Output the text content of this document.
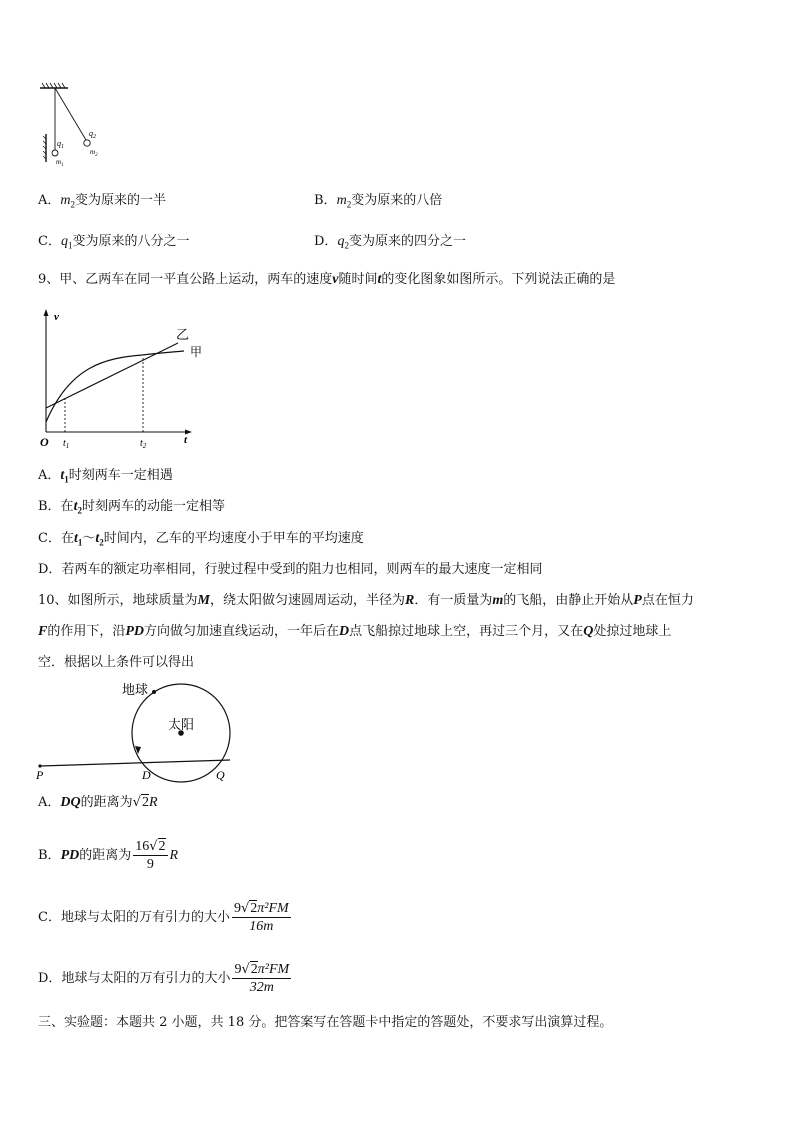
$q_1$
$m_1$
$q_2$
$m_2$
A．$m_2$变为原来的一半	B．$m_2$变为原来的八倍
C．$q_1$变为原来的八分之一	D．$q_2$变为原来的四分之一
9、甲、乙两车在同一平直公路上运动，两车的速度v随时间t的变化图象如图所示。下列说法正确的是
v
t
O $t_1$	$t_2$
乙
甲
A．$t_1$时刻两车一定相遇
B．在$t_2$时刻两车的动能一定相等
C．在$t_1\sim t_2$时间内，乙车的平均速度小于甲车的平均速度
D．若两车的额定功率相同，行驶过程中受到的阻力也相同，则两车的最大速度一定相同
10、如图所示，地球质量为M，绕太阳做匀速圆周运动，半径为R．有一质量为m的飞船，由静止开始从P点在恒力
F的作用下，沿PD方向做匀加速直线运动，一年后在D点飞船掠过地球上空，再过三个月，又在Q处掠过地球上
空．根据以上条件可以得出
地球
太阳
P	D	Q
A．DQ的距离为√2R
B． PD 的距离为 $\frac{16√2}{9}$ R
C． 地球与太阳的万有引力的大小 $\frac{\text{9√2π²FM}}{16m}$
D． 地球与太阳的万有引力的大小 $\frac{\text{9√2π²FM}}{32m}$
三、实验题：本题共 2 小题，共 18 分。把答案写在答题卡中指定的答题处，不要求写出演算过程。
